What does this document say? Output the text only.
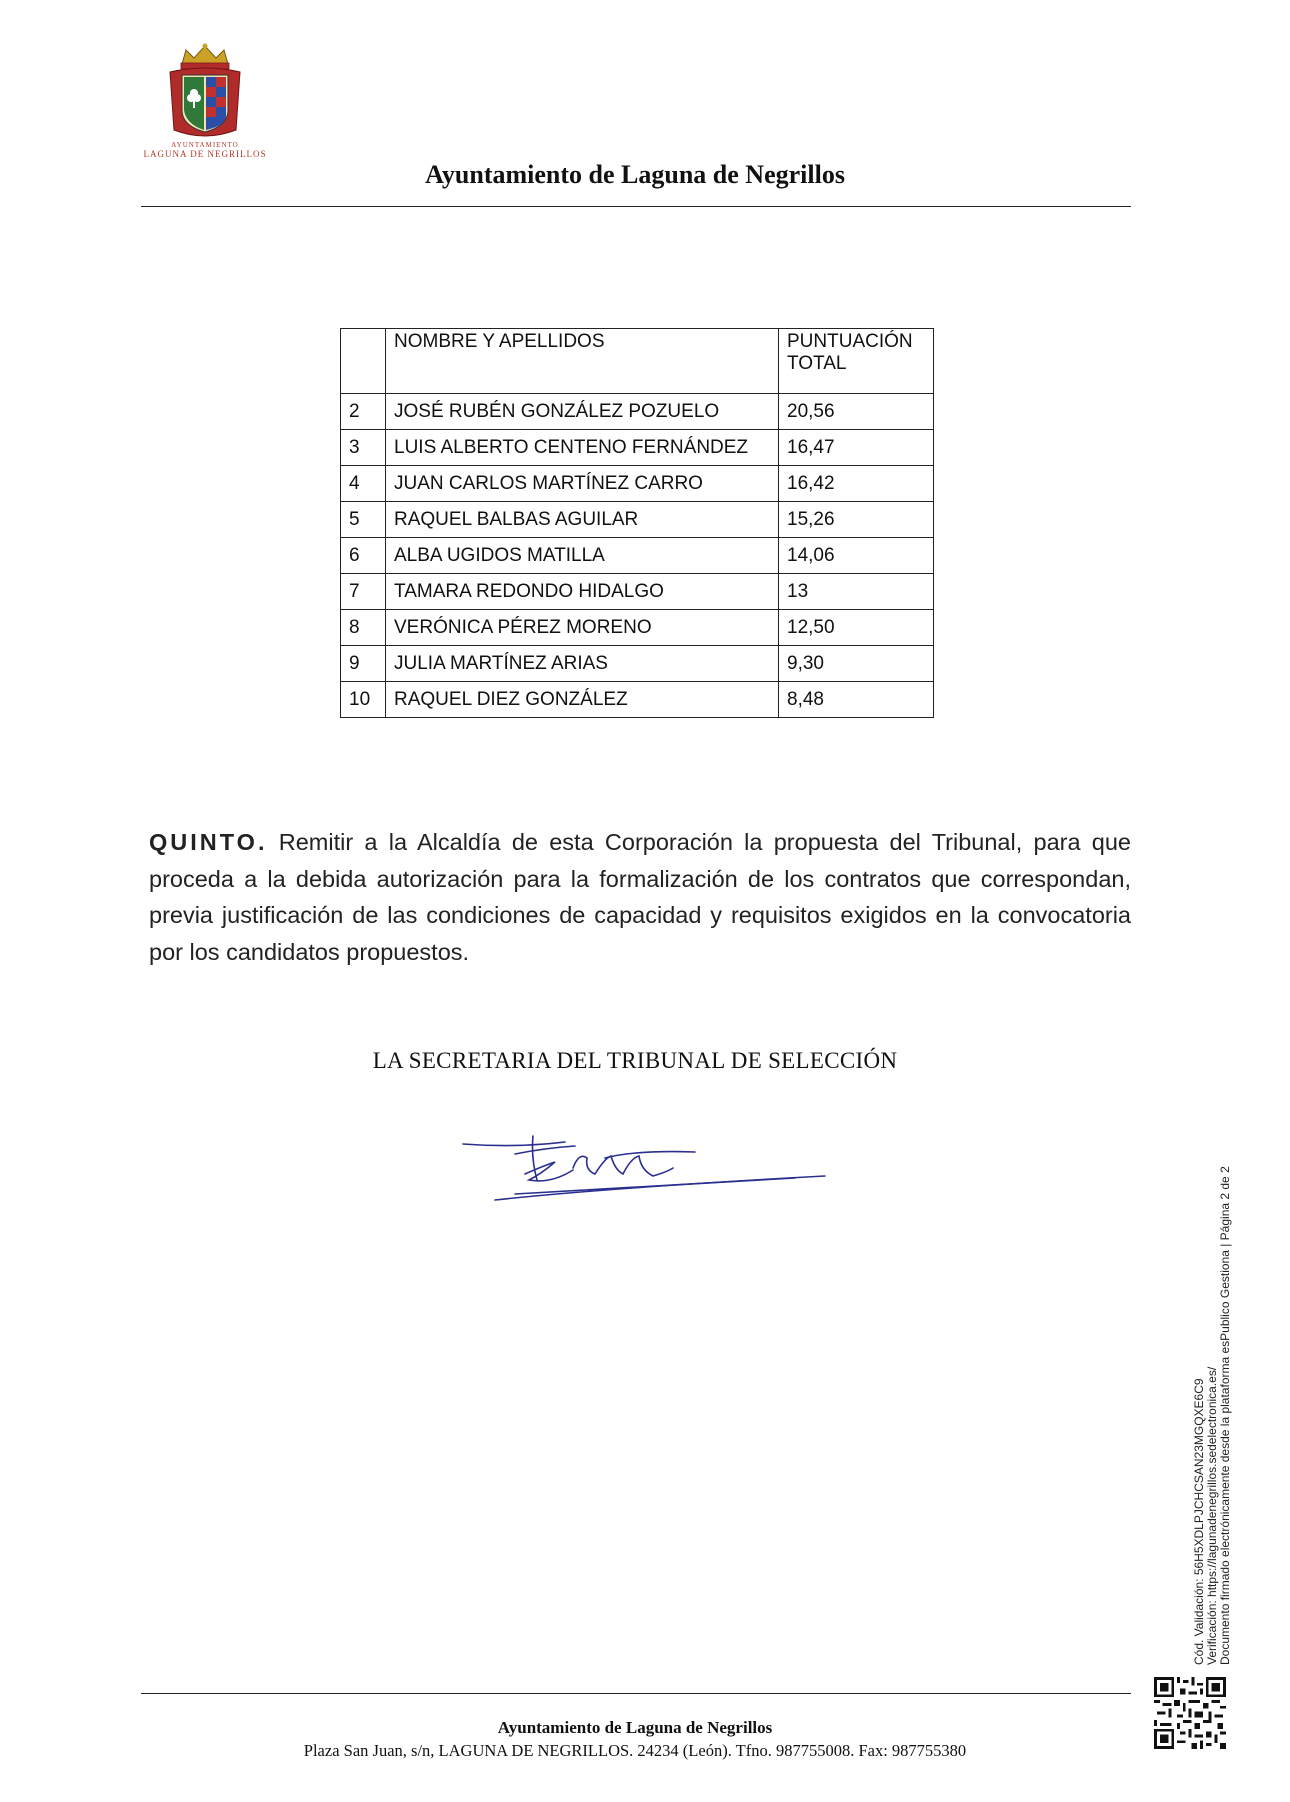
AYUNTAMIENTO
LAGUNA DE NEGRILLOS
Ayuntamiento de Laguna de Negrillos
	NOMBRE Y APELLIDOS	PUNTUACIÓN
TOTAL

2	JOSÉ RUBÉN GONZÁLEZ POZUELO	20,56
3	LUIS ALBERTO CENTENO FERNÁNDEZ	16,47
4	JUAN CARLOS MARTÍNEZ CARRO	16,42
5	RAQUEL BALBAS AGUILAR	15,26
6	ALBA UGIDOS MATILLA	14,06
7	TAMARA REDONDO HIDALGO	13
8	VERÓNICA PÉREZ MORENO	12,50
9	JULIA MARTÍNEZ ARIAS	9,30
10	RAQUEL DIEZ GONZÁLEZ	8,48

QUINTO. Remitir a la Alcaldía de esta Corporación la propuesta del Tribunal, para que proceda a la debida autorización para la formalización de los contratos que correspondan, previa justificación de las condiciones de capacidad y requisitos exigidos en la convocatoria por los candidatos propuestos.

LA SECRETARIA DEL TRIBUNAL DE SELECCIÓN
Cód. Validación: 56H5XDLPJCHCSAN23MGQXE6C9 Verificación: https://lagunadenegrillos.sedelectronica.es/ Documento firmado electrónicamente desde la plataforma esPublico Gestiona | Página 2 de 2
Ayuntamiento de Laguna de Negrillos
Plaza San Juan, s/n, LAGUNA DE NEGRILLOS. 24234 (León). Tfno. 987755008. Fax: 987755380
